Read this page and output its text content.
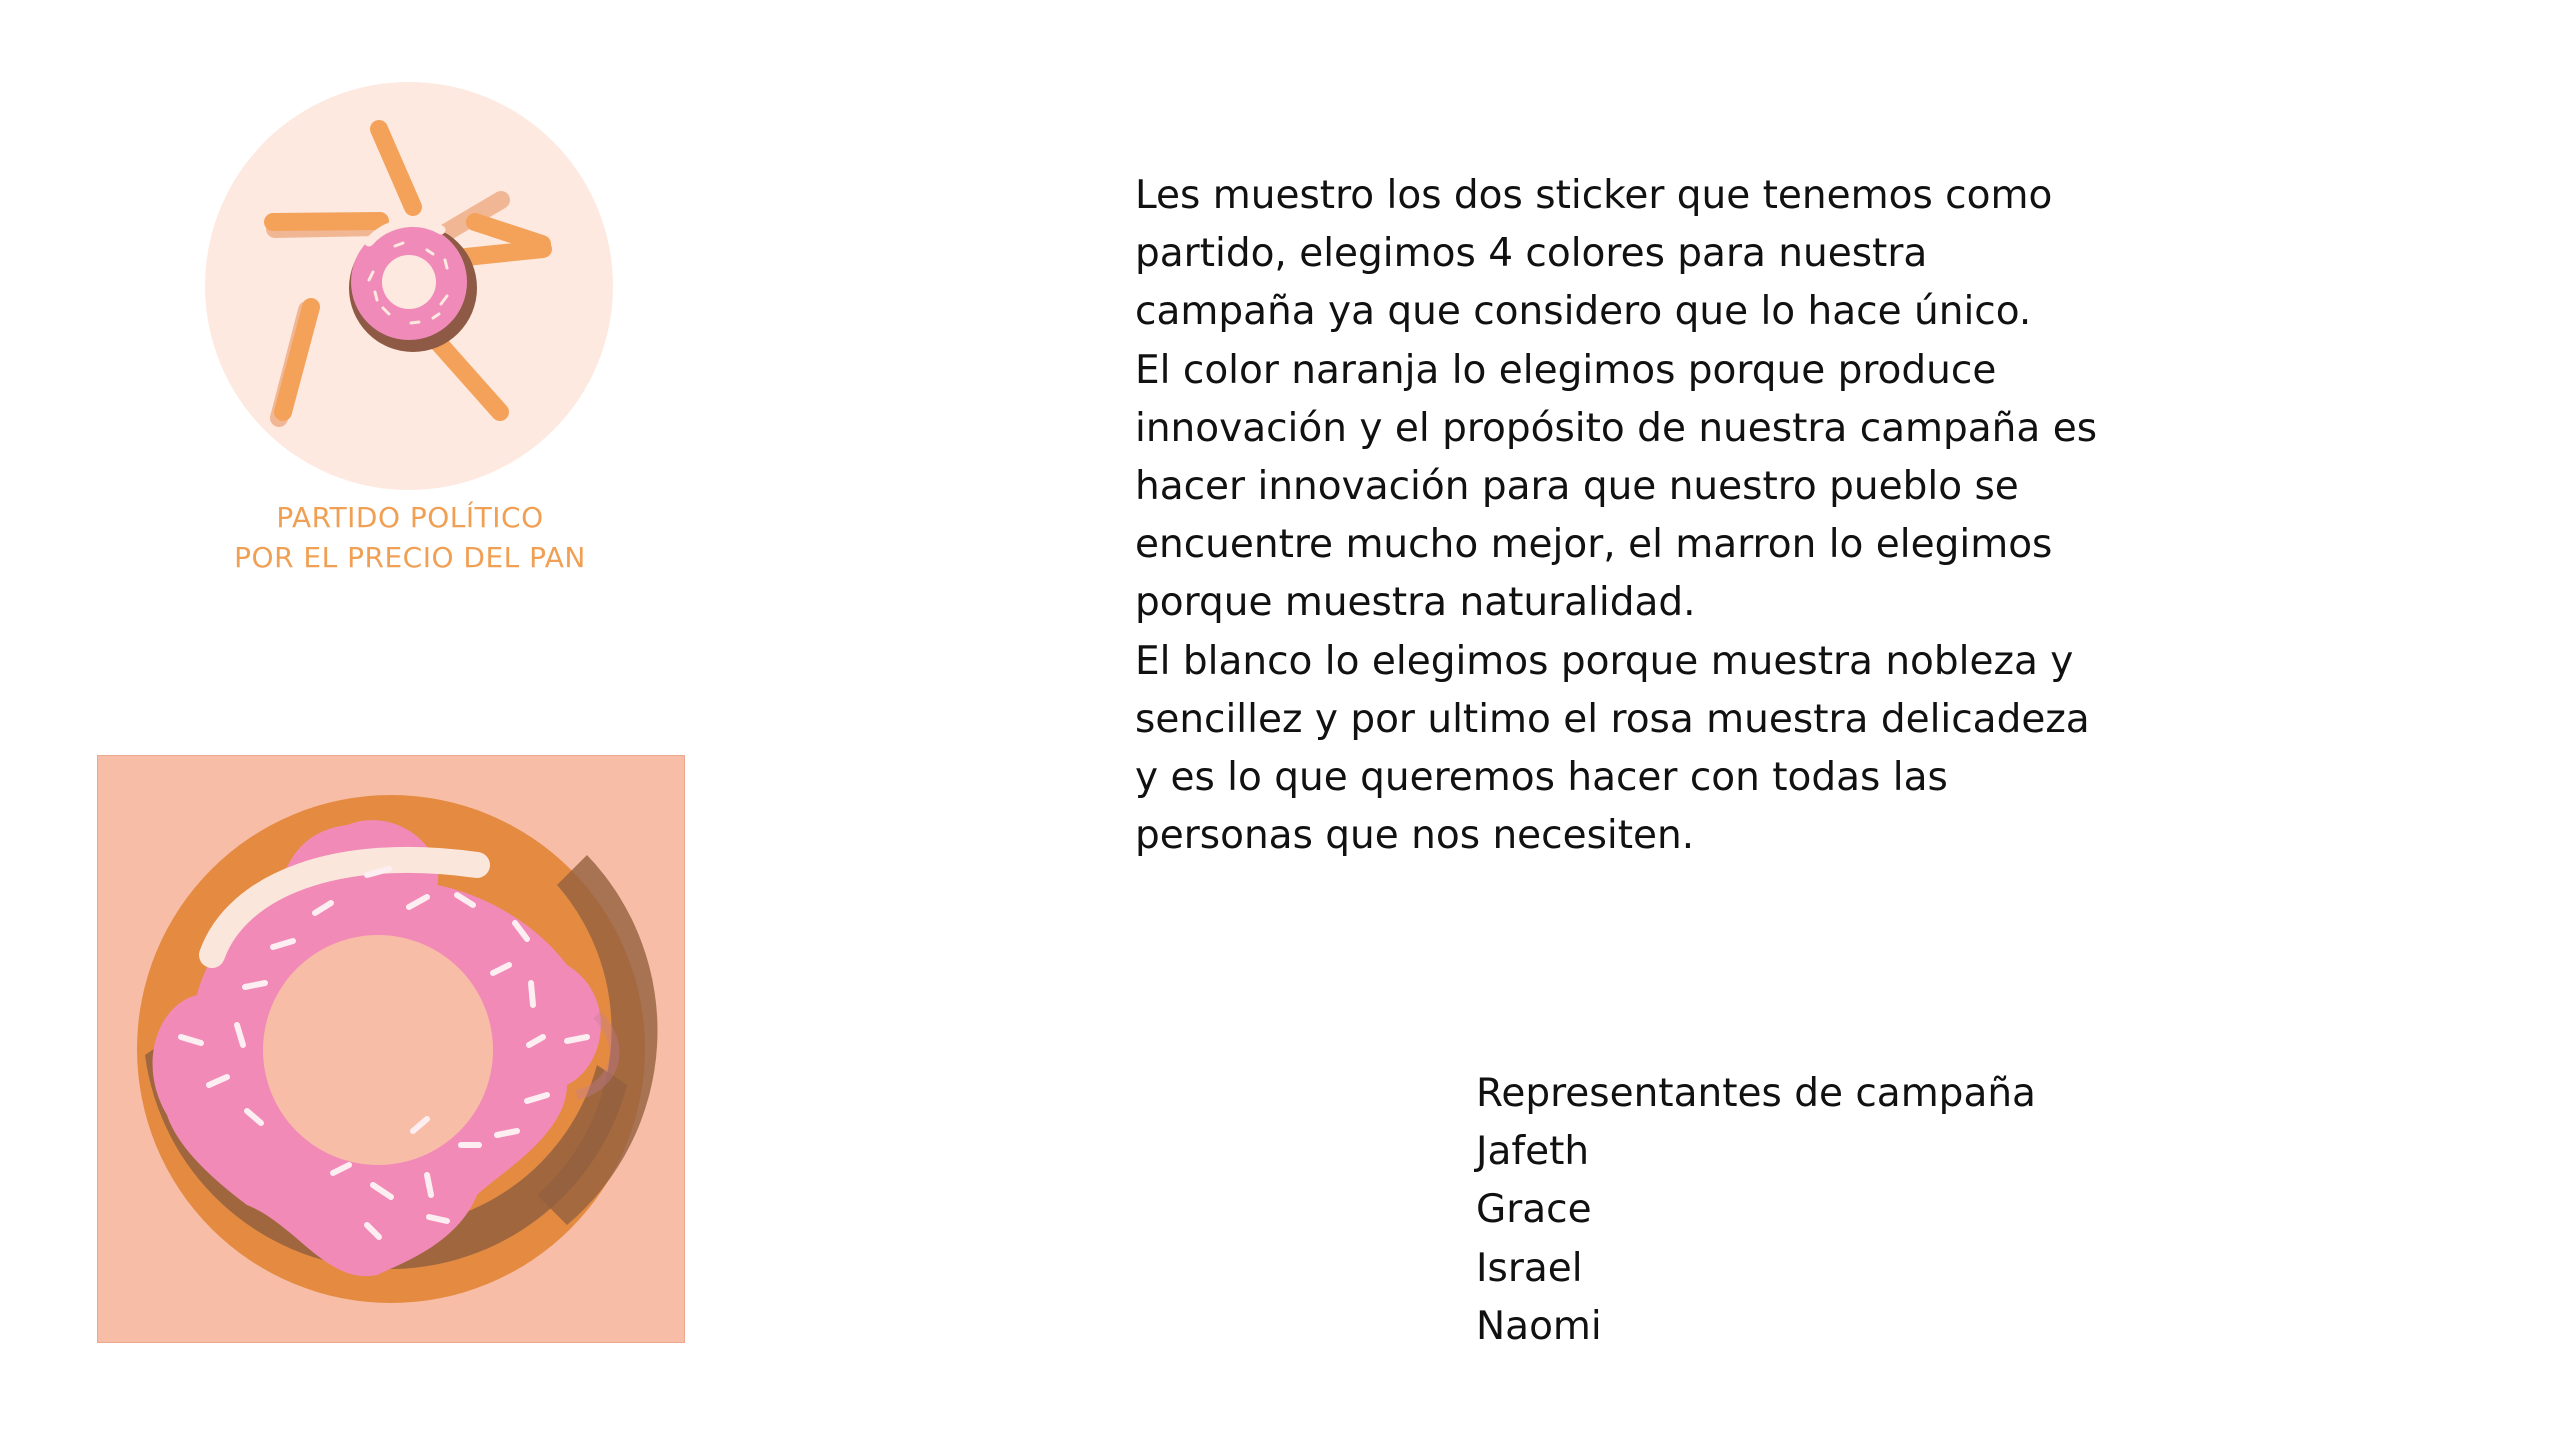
PARTIDO POLÍTICO
POR EL PRECIO DEL PAN
Les muestro los dos sticker que tenemos como
partido, elegimos 4 colores para nuestra
campaña ya que considero que lo hace único.
El color naranja lo elegimos porque produce
innovación y el propósito de nuestra campaña es
hacer innovación para que nuestro pueblo se
encuentre mucho mejor, el marron lo elegimos
porque muestra naturalidad.
El blanco lo elegimos porque muestra nobleza y
sencillez y por ultimo el rosa muestra delicadeza
y es lo que queremos hacer con todas las
personas que nos necesiten.
Representantes de campaña
Jafeth
Grace
Israel
Naomi
